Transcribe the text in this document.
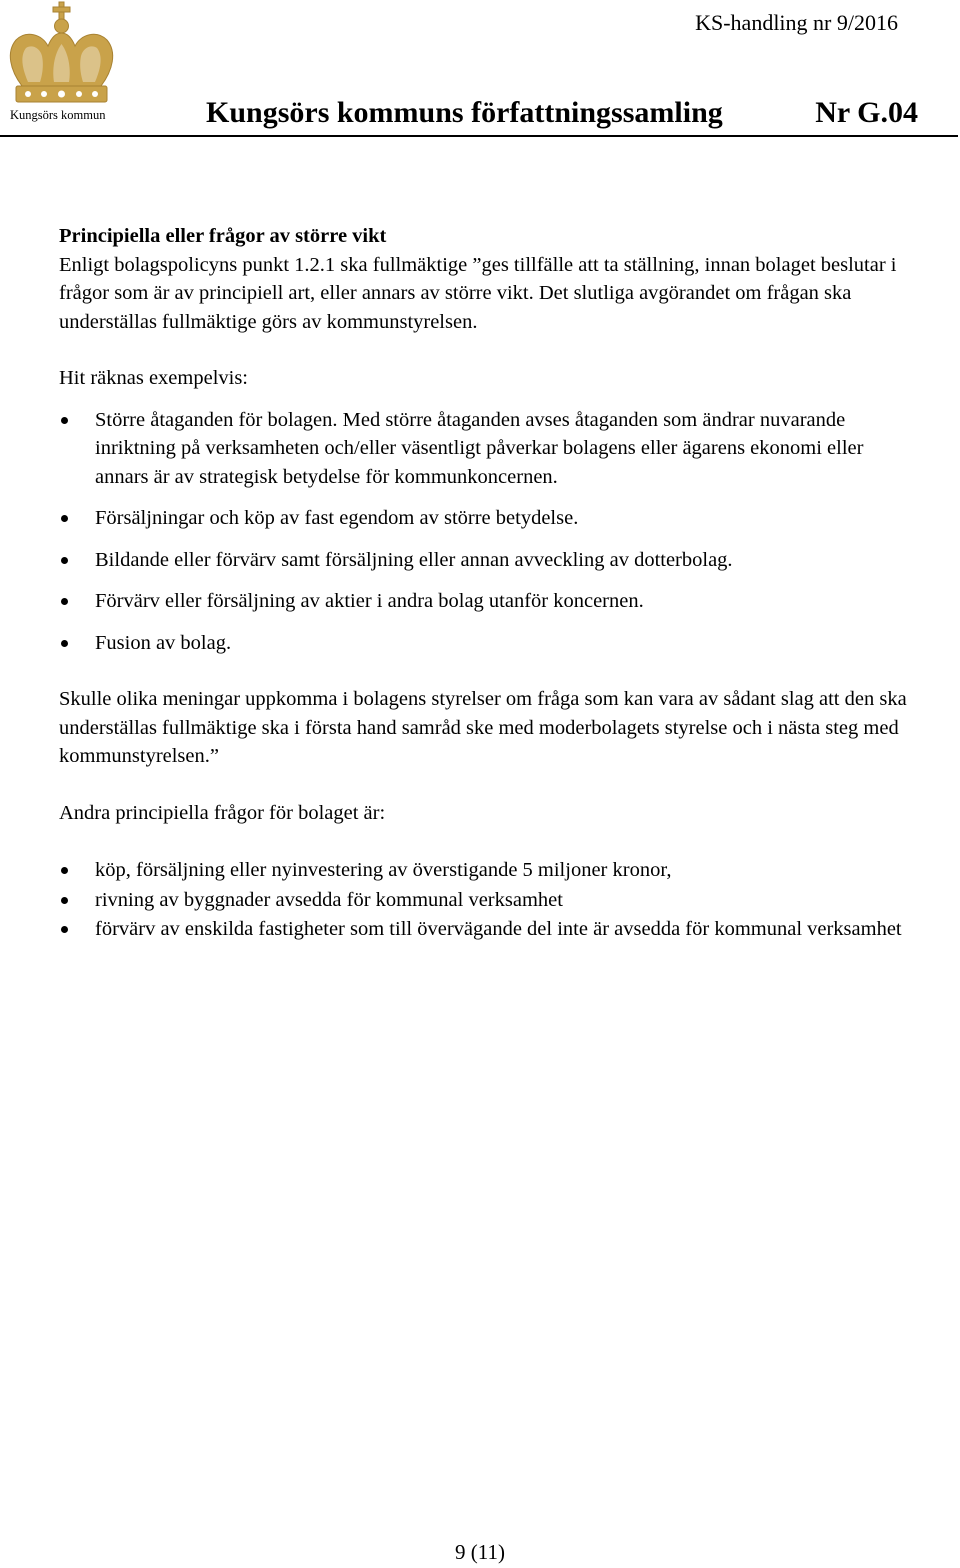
Kungsörs kommun
KS-handling nr 9/2016
Kungsörs kommuns författningssamling	Nr G.04

Principiella eller frågor av större vikt

Enligt bolagspolicyns punkt 1.2.1 ska fullmäktige ”ges tillfälle att ta ställning, innan bolaget beslutar i frågor som är av principiell art, eller annars av större vikt. Det slutliga avgörandet om frågan ska underställas fullmäktige görs av kommunstyrelsen.

Hit räknas exempelvis:

Större åtaganden för bolagen. Med större åtaganden avses åtaganden som ändrar nuvarande inriktning på verksamheten och/eller väsentligt påverkar bolagens eller ägarens ekonomi eller annars är av strategisk betydelse för kommunkoncernen.
Försäljningar och köp av fast egendom av större betydelse.
Bildande eller förvärv samt försäljning eller annan avveckling av dotterbolag.
Förvärv eller försäljning av aktier i andra bolag utanför koncernen.
Fusion av bolag.

Skulle olika meningar uppkomma i bolagens styrelser om fråga som kan vara av sådant slag att den ska underställas fullmäktige ska i första hand samråd ske med moderbolagets styrelse och i nästa steg med kommunstyrelsen.”

Andra principiella frågor för bolaget är:

köp, försäljning eller nyinvestering av överstigande 5 miljoner kronor,
rivning av byggnader avsedda för kommunal verksamhet
förvärv av enskilda fastigheter som till övervägande del inte är avsedda för kommunal verksamhet
9 (11)
